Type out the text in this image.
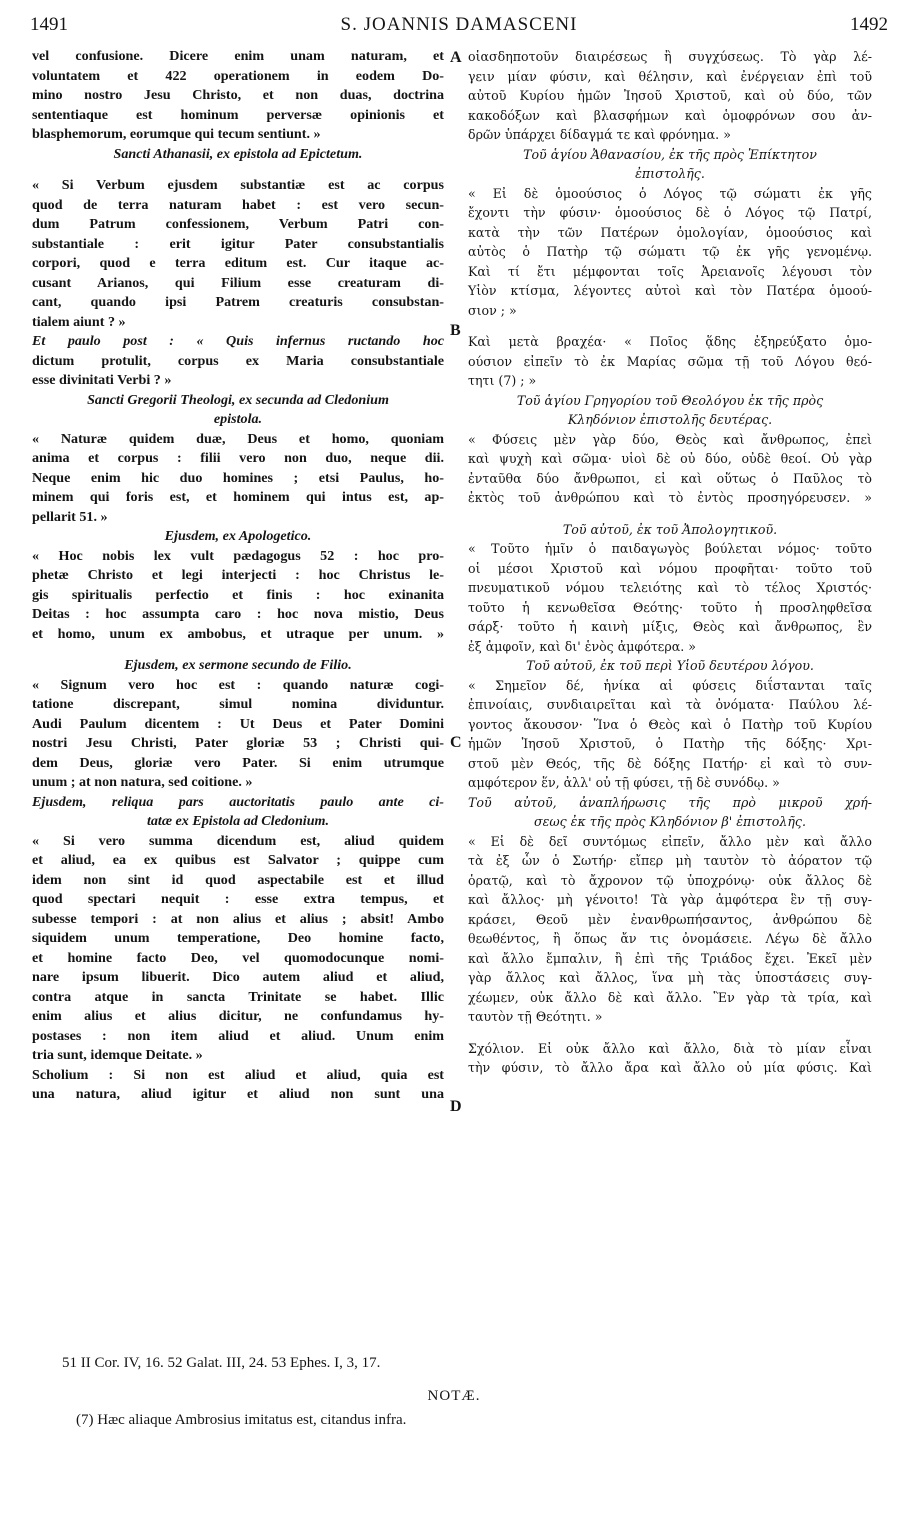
1491	S. JOANNIS DAMASCENI	1492
vel confusione. Dicere enim unam naturam, et
voluntatem et 422 operationem in eodem Do-
mino nostro Jesu Christo, et non duas, doctrina
sententiaque est hominum perversæ opinionis et
blasphemorum, eorumque qui tecum sentiunt. »
Sancti Athanasii, ex epistola ad Epictetum.
« Si Verbum ejusdem substantiæ est ac corpus
quod de terra naturam habet : est vero secun-
dum Patrum confessionem, Verbum Patri con-
substantiale : erit igitur Pater consubstantialis
corpori, quod e terra editum est. Cur itaque ac-
cusant Arianos, qui Filium esse creaturam di-
cant, quando ipsi Patrem creaturis consubstan-
tialem aiunt ? »
Et paulo post : « Quis infernus ructando hoc
dictum protulit, corpus ex Maria consubstantiale
esse divinitati Verbi ? »
Sancti Gregorii Theologi, ex secunda ad Cledonium
epistola.
« Naturæ quidem duæ, Deus et homo, quoniam
anima et corpus : filii vero non duo, neque dii.
Neque enim hic duo homines ; etsi Paulus, ho-
minem qui foris est, et hominem qui intus est, ap-
pellarit 51. »
Ejusdem, ex Apologetico.
« Hoc nobis lex vult pædagogus 52 : hoc pro-
phetæ Christo et legi interjecti : hoc Christus le-
gis spiritualis perfectio et finis : hoc exinanita
Deitas : hoc assumpta caro : hoc nova mistio, Deus
et homo, unum ex ambobus, et utraque per unum. »
Ejusdem, ex sermone secundo de Filio.
« Signum vero hoc est : quando naturæ cogi-
tatione discrepant, simul nomina dividuntur.
Audi Paulum dicentem : Ut Deus et Pater Domini
nostri Jesu Christi, Pater gloriæ 53 ; Christi qui-
dem Deus, gloriæ vero Pater. Si enim utrumque
unum ; at non natura, sed coitione. »
Ejusdem, reliqua pars auctoritatis paulo ante ci-
tatæ ex Epistola ad Cledonium.
« Si vero summa dicendum est, aliud quidem
et aliud, ea ex quibus est Salvator ; quippe cum
idem non sint id quod aspectabile est et illud
quod spectari nequit : esse extra tempus, et
subesse tempori : at non alius et alius ; absit! Ambo
siquidem unum temperatione, Deo homine facto,
et homine facto Deo, vel quomodocunque nomi-
nare ipsum libuerit. Dico autem aliud et aliud,
contra atque in sancta Trinitate se habet. Illic
enim alius et alius dicitur, ne confundamus hy-
postases : non item aliud et aliud. Unum enim
tria sunt, idemque Deitate. »
Scholium : Si non est aliud et aliud, quia est
una natura, aliud igitur et aliud non sunt una
οἱασδηποτοῦν διαιρέσεως ἢ συγχύσεως. Τὸ γὰρ λέ-
γειν μίαν φύσιν, καὶ θέλησιν, καὶ ἐνέργειαν ἐπὶ τοῦ
αὐτοῦ Κυρίου ἡμῶν Ἰησοῦ Χριστοῦ, καὶ οὐ δύο, τῶν
κακοδόξων καὶ βλασφήμων καὶ ὁμοφρόνων σου ἀν-
δρῶν ὑπάρχει δίδαγμά τε καὶ φρόνημα. »
Τοῦ ἁγίου Ἀθανασίου, ἐκ τῆς πρὸς Ἐπίκτητον
ἐπιστολῆς.
« Εἰ δὲ ὁμοούσιος ὁ Λόγος τῷ σώματι ἐκ γῆς
ἔχοντι τὴν φύσιν· ὁμοούσιος δὲ ὁ Λόγος τῷ Πατρί,
κατὰ τὴν τῶν Πατέρων ὁμολογίαν, ὁμοούσιος καὶ
αὐτὸς ὁ Πατὴρ τῷ σώματι τῷ ἐκ γῆς γενομένῳ.
Καὶ τί ἔτι μέμφονται τοῖς Ἀρειανοῖς λέγουσι τὸν
Υἱὸν κτίσμα, λέγοντες αὐτοὶ καὶ τὸν Πατέρα ὁμοού-
σιον ; »
Καὶ μετὰ βραχέα· « Ποῖος ᾅδης ἐξηρεύξατο ὁμο-
ούσιον εἰπεῖν τὸ ἐκ Μαρίας σῶμα τῇ τοῦ Λόγου θεό-
τητι (7) ; »
Τοῦ ἁγίου Γρηγορίου τοῦ Θεολόγου ἐκ τῆς πρὸς
Κληδόνιον ἐπιστολῆς δευτέρας.
« Φύσεις μὲν γὰρ δύο, Θεὸς καὶ ἄνθρωπος, ἐπεὶ
καὶ ψυχὴ καὶ σῶμα· υἱοὶ δὲ οὐ δύο, οὐδὲ θεοί. Οὐ γὰρ
ἐνταῦθα δύο ἄνθρωποι, εἰ καὶ οὕτως ὁ Παῦλος τὸ
ἐκτὸς τοῦ ἀνθρώπου καὶ τὸ ἐντὸς προσηγόρευσεν. »
Τοῦ αὐτοῦ, ἐκ τοῦ Ἀπολογητικοῦ.
« Τοῦτο ἡμῖν ὁ παιδαγωγὸς βούλεται νόμος· τοῦτο
οἱ μέσοι Χριστοῦ καὶ νόμου προφῆται· τοῦτο τοῦ
πνευματικοῦ νόμου τελειότης καὶ τὸ τέλος Χριστός·
τοῦτο ἡ κενωθεῖσα Θεότης· τοῦτο ἡ προσληφθεῖσα
σάρξ· τοῦτο ἡ καινὴ μίξις, Θεὸς καὶ ἄνθρωπος, ἓν
ἐξ ἀμφοῖν, καὶ δι' ἑνὸς ἀμφότερα. »
Τοῦ αὐτοῦ, ἐκ τοῦ περὶ Υἱοῦ δευτέρου λόγου.
« Σημεῖον δέ, ἡνίκα αἱ φύσεις διΐστανται ταῖς
ἐπινοίαις, συνδιαιρεῖται καὶ τὰ ὀνόματα· Παύλου λέ-
γοντος ἄκουσον· Ἵνα ὁ Θεὸς καὶ ὁ Πατὴρ τοῦ Κυρίου
ἡμῶν Ἰησοῦ Χριστοῦ, ὁ Πατὴρ τῆς δόξης· Χρι-
στοῦ μὲν Θεός, τῆς δὲ δόξης Πατήρ· εἰ καὶ τὸ συν-
αμφότερον ἕν, ἀλλ' οὐ τῇ φύσει, τῇ δὲ συνόδῳ. »
Τοῦ αὐτοῦ, ἀναπλήρωσις τῆς πρὸ μικροῦ χρή-
σεως ἐκ τῆς πρὸς Κληδόνιον β' ἐπιστολῆς.
« Εἰ δὲ δεῖ συντόμως εἰπεῖν, ἄλλο μὲν καὶ ἄλλο
τὰ ἐξ ὧν ὁ Σωτήρ· εἴπερ μὴ ταυτὸν τὸ ἀόρατον τῷ
ὁρατῷ, καὶ τὸ ἄχρονον τῷ ὑποχρόνῳ· οὐκ ἄλλος δὲ
καὶ ἄλλος· μὴ γένοιτο! Τὰ γὰρ ἀμφότερα ἓν τῇ συγ-
κράσει, Θεοῦ μὲν ἐνανθρωπήσαντος, ἀνθρώπου δὲ
θεωθέντος, ἢ ὅπως ἄν τις ὀνομάσειε. Λέγω δὲ ἄλλο
καὶ ἄλλο ἔμπαλιν, ἢ ἐπὶ τῆς Τριάδος ἔχει. Ἐκεῖ μὲν
γὰρ ἄλλος καὶ ἄλλος, ἵνα μὴ τὰς ὑποστάσεις συγ-
χέωμεν, οὐκ ἄλλο δὲ καὶ ἄλλο. Ἓν γὰρ τὰ τρία, καὶ
ταυτὸν τῇ Θεότητι. »
Σχόλιον. Εἰ οὐκ ἄλλο καὶ ἄλλο, διὰ τὸ μίαν εἶναι
τὴν φύσιν, τὸ ἄλλο ἄρα καὶ ἄλλο οὐ μία φύσις. Καὶ
A
B
C
D
51 II Cor. IV, 16. 52 Galat. III, 24. 53 Ephes. I, 3, 17.
NOTÆ.
(7) Hæc aliaque Ambrosius imitatus est, citandus infra.
